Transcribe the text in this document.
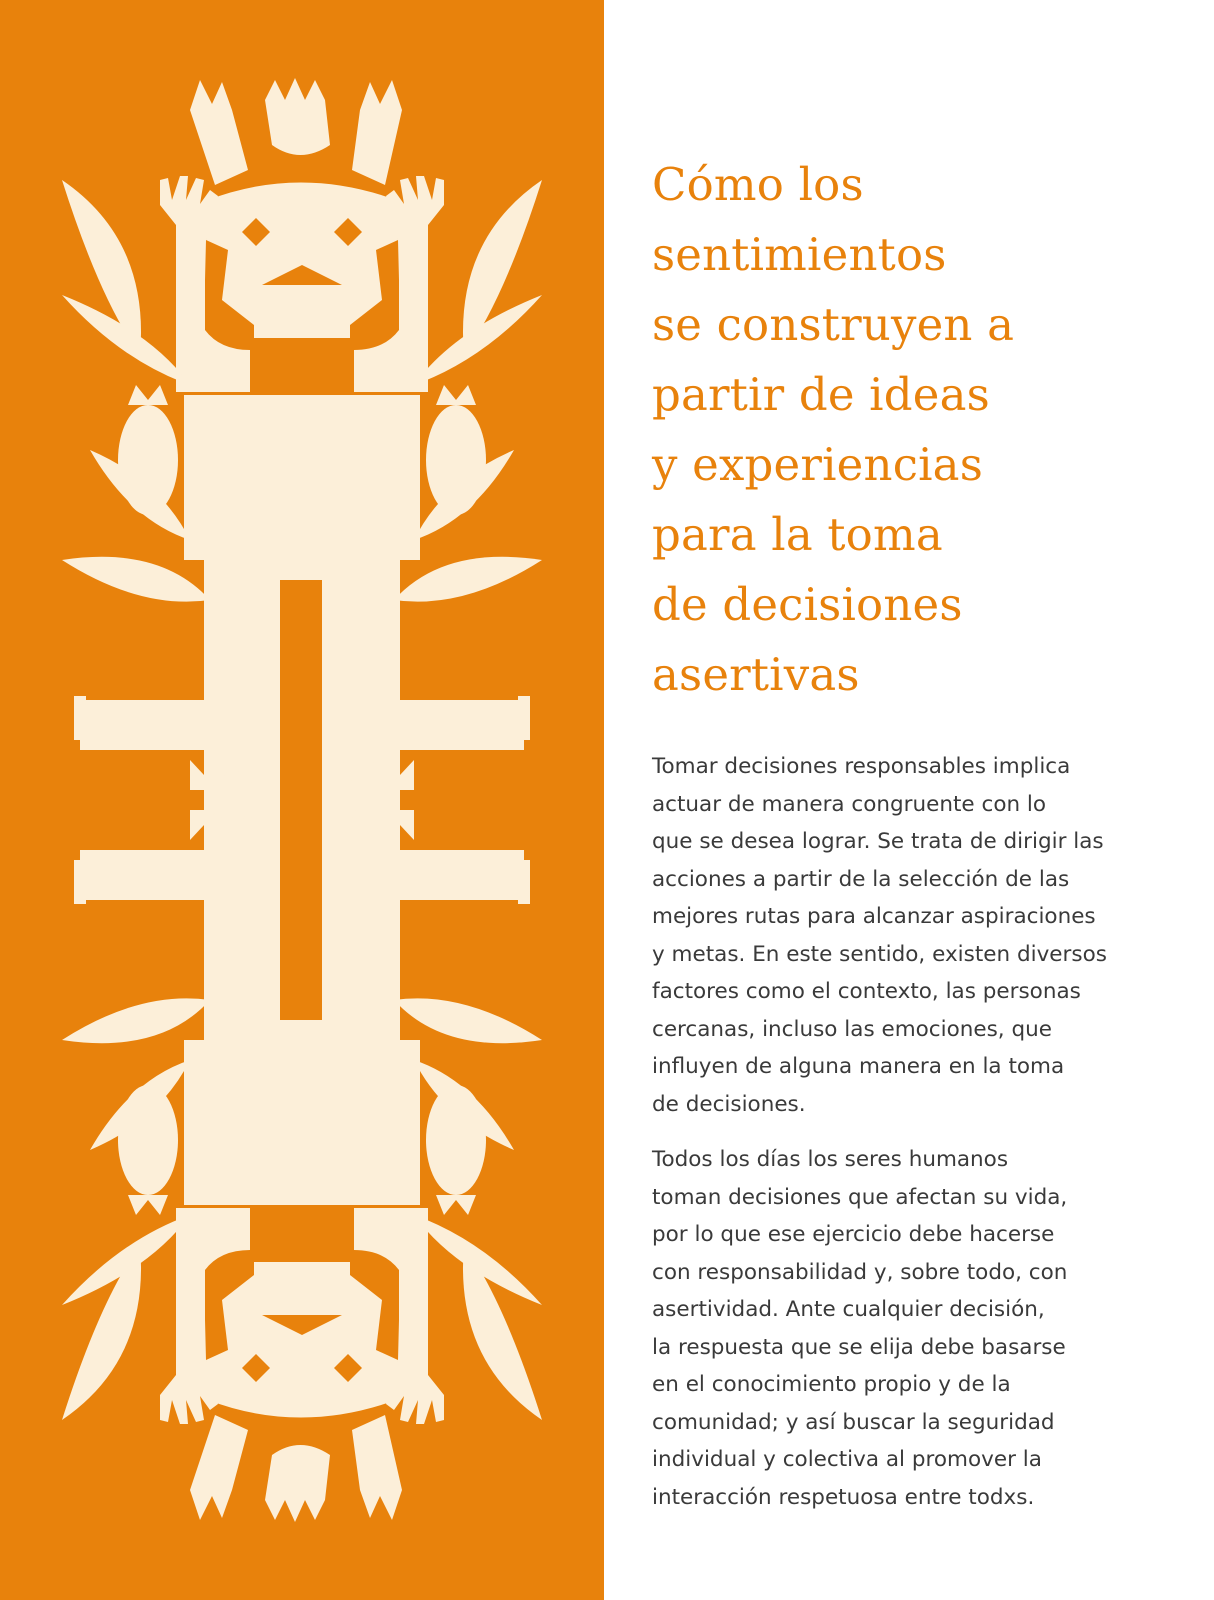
Cómo los
sentimientos
se construyen a
partir de ideas
y experiencias
para la toma
de decisiones
asertivas

Tomar decisiones responsables implica
actuar de manera congruente con lo
que se desea lograr. Se trata de dirigir las
acciones a partir de la selección de las
mejores rutas para alcanzar aspiraciones
y metas. En este sentido, existen diversos
factores como el contexto, las personas
cercanas, incluso las emociones, que
influyen de alguna manera en la toma
de decisiones.

Todos los días los seres humanos
toman decisiones que afectan su vida,
por lo que ese ejercicio debe hacerse
con responsabilidad y, sobre todo, con
asertividad. Ante cualquier decisión,
la respuesta que se elija debe basarse
en el conocimiento propio y de la
comunidad; y así buscar la seguridad
individual y colectiva al promover la
interacción respetuosa entre todxs.
